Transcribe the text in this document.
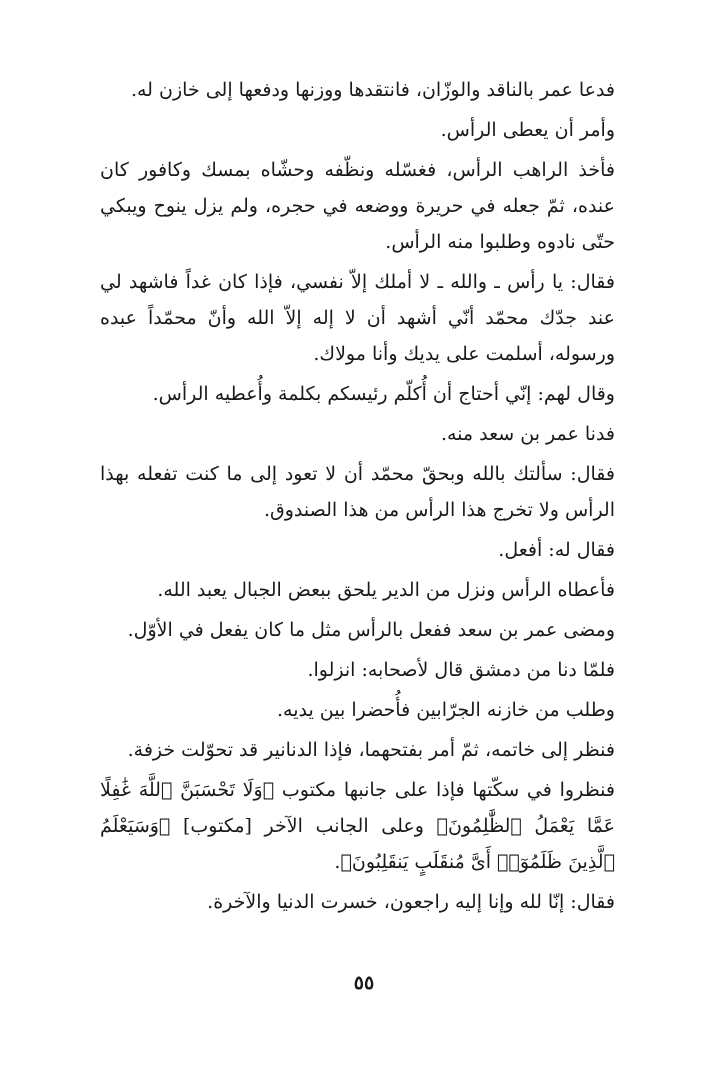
فدعا عمر بالناقد والوزّان، فانتقدها ووزنها ودفعها إلى خازن له.

وأمر أن يعطى الرأس.

فأخذ الراهب الرأس، فغسّله ونظّفه وحشّاه بمسك وكافور كان عنده، ثمّ جعله في حريرة ووضعه في حجره، ولم يزل ينوح ويبكي حتّى نادوه وطلبوا منه الرأس.

فقال: يا رأس ـ والله ـ لا أملك إلاّ نفسي، فإذا كان غداً فاشهد لي عند جدّك محمّد أنّي أشهد أن لا إله إلاّ الله وأنّ محمّداً عبده ورسوله، أسلمت على يديك وأنا مولاك.

وقال لهم: إنّي أحتاج أن أُكلّم رئيسكم بكلمة وأُعطيه الرأس.

فدنا عمر بن سعد منه.

فقال: سألتك بالله وبحقّ محمّد أن لا تعود إلى ما كنت تفعله بهذا الرأس ولا تخرج هذا الرأس من هذا الصندوق.

فقال له: أفعل.

فأعطاه الرأس ونزل من الدير يلحق ببعض الجبال يعبد الله.

ومضى عمر بن سعد ففعل بالرأس مثل ما كان يفعل في الأوّل.

فلمّا دنا من دمشق قال لأصحابه: انزلوا.

وطلب من خازنه الجرّابين فأُحضرا بين يديه.

فنظر إلى خاتمه، ثمّ أمر بفتحهما، فإذا الدنانير قد تحوّلت خزفة.

فنظروا في سكّتها فإذا على جانبها مكتوب ﴿وَلَا تَحْسَبَنَّ ٱللَّهَ غَٰفِلًا عَمَّا يَعْمَلُ ٱلظَّٰلِمُونَ﴾ وعلى الجانب الآخر [مكتوب] ﴿وَسَيَعْلَمُ ٱلَّذِينَ ظَلَمُوٓا۟ أَىَّ مُنقَلَبٍ يَنقَلِبُونَ﴾.

فقال: إنّا لله وإنا إليه راجعون، خسرت الدنيا والآخرة.

٥٥
